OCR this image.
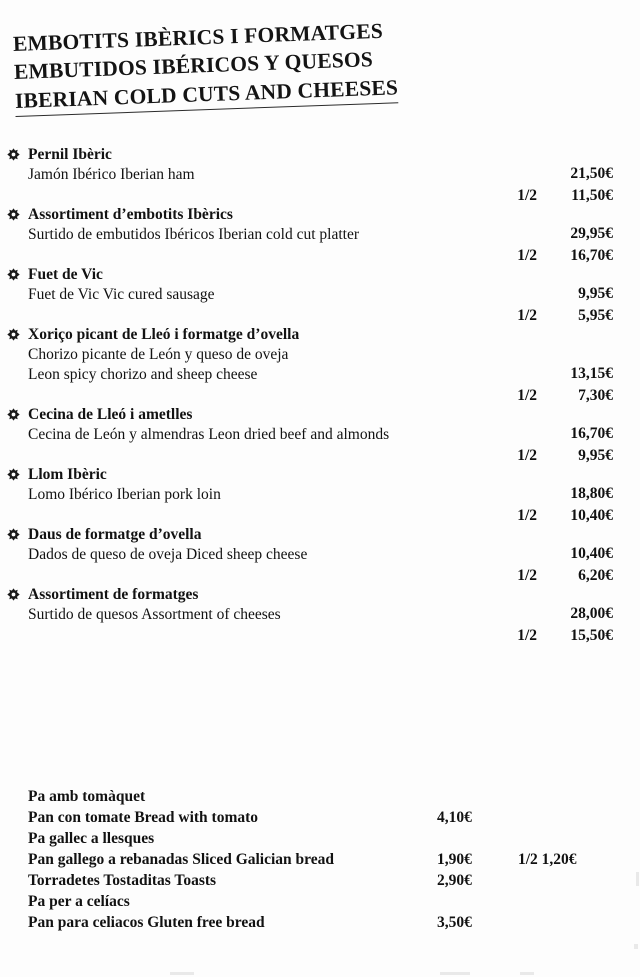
EMBOTITS IBÈRICS I FORMATGES
EMBUTIDOS IBÉRICOS Y QUESOS
IBERIAN COLD CUTS AND CHEESES
Pernil Ibèric
Jamón Ibérico Iberian ham	21,50€
1/2 11,50€
Assortiment d’embotits Ibèrics
Surtido de embutidos Ibéricos Iberian cold cut platter	29,95€
1/2 16,70€
Fuet de Vic
Fuet de Vic Vic cured sausage	9,95€
1/2	5,95€
Xoriço picant de Lleó i formatge d’ovella
Chorizo picante de León y queso de oveja
Leon spicy chorizo and sheep cheese	13,15€
1/2	7,30€
Cecina de Lleó i ametlles
Cecina de León y almendras Leon dried beef and almonds	16,70€
1/2	9,95€
Llom Ibèric
Lomo Ibérico Iberian pork loin	18,80€
1/2 10,40€
Daus de formatge d’ovella
Dados de queso de oveja Diced sheep cheese	10,40€
1/2	6,20€
Assortiment de formatges
Surtido de quesos Assortment of cheeses	28,00€
1/2 15,50€
Pa amb tomàquet
Pan con tomate Bread with tomato	4,10€
Pa gallec a llesques
Pan gallego a rebanadas Sliced Galician bread	1,90€	1/2 1,20€
Torradetes Tostaditas Toasts	2,90€
Pa per a celíacs
Pan para celiacos Gluten free bread	3,50€
